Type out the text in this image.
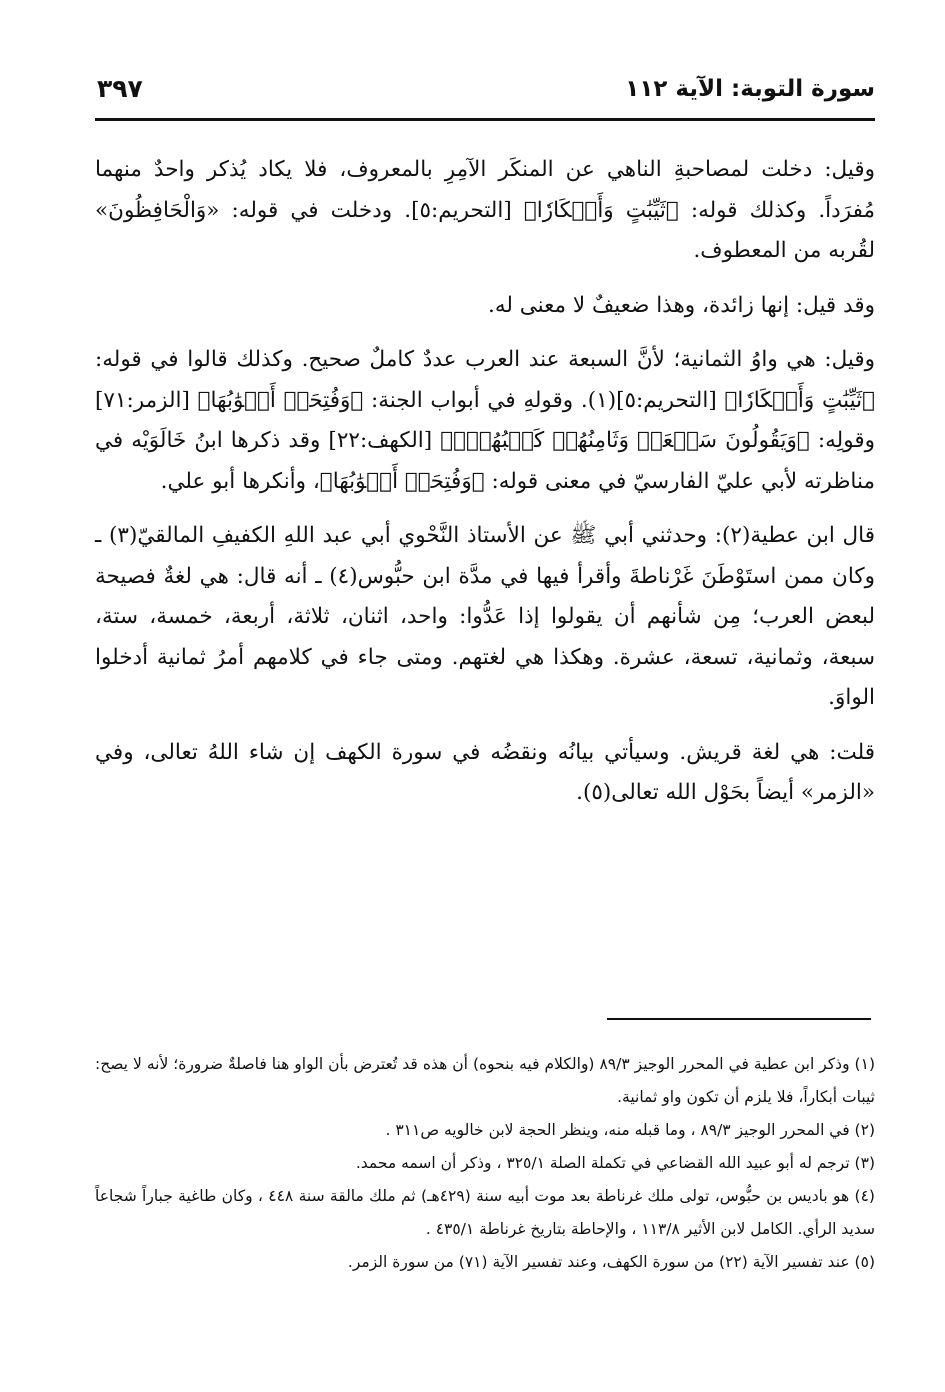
سورة التوبة: الآية ١١٢
٣٩٧

وقيل: دخلت لمصاحبةِ الناهي عن المنكَر الآمِرِ بالمعروف، فلا يكاد يُذكر واحدٌ منهما مُفرَداً. وكذلك قوله: ﴿ثَيِّبَٰتٍ وَأَبۡكَارٗا﴾ [التحريم:٥]. ودخلت في قوله: «وَالْحَافِظُونَ» لقُربه من المعطوف.

وقد قيل: إنها زائدة، وهذا ضعيفٌ لا معنى له.

وقيل: هي واوُ الثمانية؛ لأنَّ السبعة عند العرب عددٌ كاملٌ صحيح. وكذلك قالوا في قوله: ﴿ثَيِّبَٰتٍ وَأَبۡكَارٗا﴾ [التحريم:٥](١). وقولهِ في أبواب الجنة: ﴿وَفُتِحَتۡ أَبۡوَٰبُهَا﴾ [الزمر:٧١] وقولِه: ﴿وَيَقُولُونَ سَبۡعَةٞ وَثَامِنُهُمۡ كَلۡبُهُمۡۚ﴾ [الكهف:٢٢] وقد ذكرها ابنُ خَالَوَيْه في مناظرته لأبي عليّ الفارسيّ في معنى قوله: ﴿وَفُتِحَتۡ أَبۡوَٰبُهَا﴾، وأنكرها أبو علي.

قال ابن عطية(٢): وحدثني أبي ﷺ عن الأستاذ النَّحْوي أبي عبد اللهِ الكفيفِ المالقيّ(٣) ـ وكان ممن استَوْطَنَ غَرْناطةَ وأقرأ فيها في مدَّة ابن حبُّوس(٤) ـ أنه قال: هي لغةٌ فصيحة لبعض العرب؛ مِن شأنهم أن يقولوا إذا عَدُّوا: واحد، اثنان، ثلاثة، أربعة، خمسة، ستة، سبعة، وثمانية، تسعة، عشرة. وهكذا هي لغتهم. ومتى جاء في كلامهم أمرُ ثمانية أدخلوا الواوَ.

قلت: هي لغة قريش. وسيأتي بيانُه ونقضُه في سورة الكهف إن شاء اللهُ تعالى، وفي «الزمر» أيضاً بحَوْل الله تعالى(٥).

(١) وذكر ابن عطية في المحرر الوجيز ٨٩/٣ (والكلام فيه بنحوه) أن هذه قد تُعترض بأن الواو هنا فاصلةٌ ضرورة؛ لأنه لا يصح: ثيبات أبكاراً، فلا يلزم أن تكون واو ثمانية.

(٢) في المحرر الوجيز ٨٩/٣ ، وما قبله منه، وينظر الحجة لابن خالويه ص٣١١ .

(٣) ترجم له أبو عبيد الله القضاعي في تكملة الصلة ٣٢٥/١ ، وذكر أن اسمه محمد.

(٤) هو باديس بن حبُّوس، تولى ملك غرناطة بعد موت أبيه سنة (٤٢٩هـ) ثم ملك مالقة سنة ٤٤٨ ، وكان طاغية جباراً شجاعاً سديد الرأي. الكامل لابن الأثير ١١٣/٨ ، والإحاطة بتاريخ غرناطة ٤٣٥/١ .

(٥) عند تفسير الآية (٢٢) من سورة الكهف، وعند تفسير الآية (٧١) من سورة الزمر.
